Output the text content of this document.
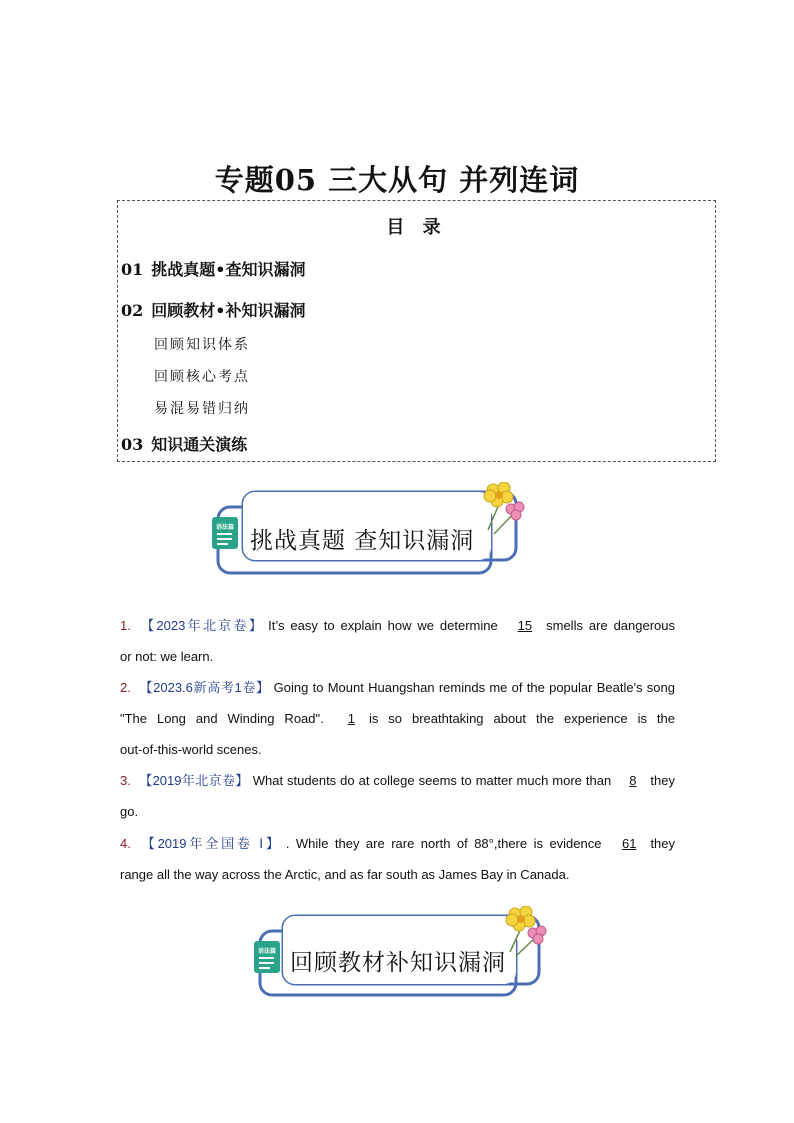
专题05 三大从句 并列连词
目 录
01 挑战真题•查知识漏洞
02 回顾教材•补知识漏洞
回顾知识体系
回顾核心考点
易混易错归纳
03 知识通关演练
语法篇
挑战真题 查知识漏洞
1. 【2023年北京卷】 It’s easy to explain how we determine 15 smells are dangerous
or not: we learn.
2. 【2023.6新高考1卷】 Going to Mount Huangshan reminds me of the popular Beatle's song
"The Long and Winding Road". 1 is so breathtaking about the experience is the
out-of-this-world scenes.
3. 【2019年北京卷】 What students do at college seems to matter much more than 8 they
go.
4. 【2019年全国卷 Ⅰ】 . While they are rare north of 88°,there is evidence 61 they
range all the way across the Arctic, and as far south as James Bay in Canada.
语法篇 回顾教材补知识漏洞
